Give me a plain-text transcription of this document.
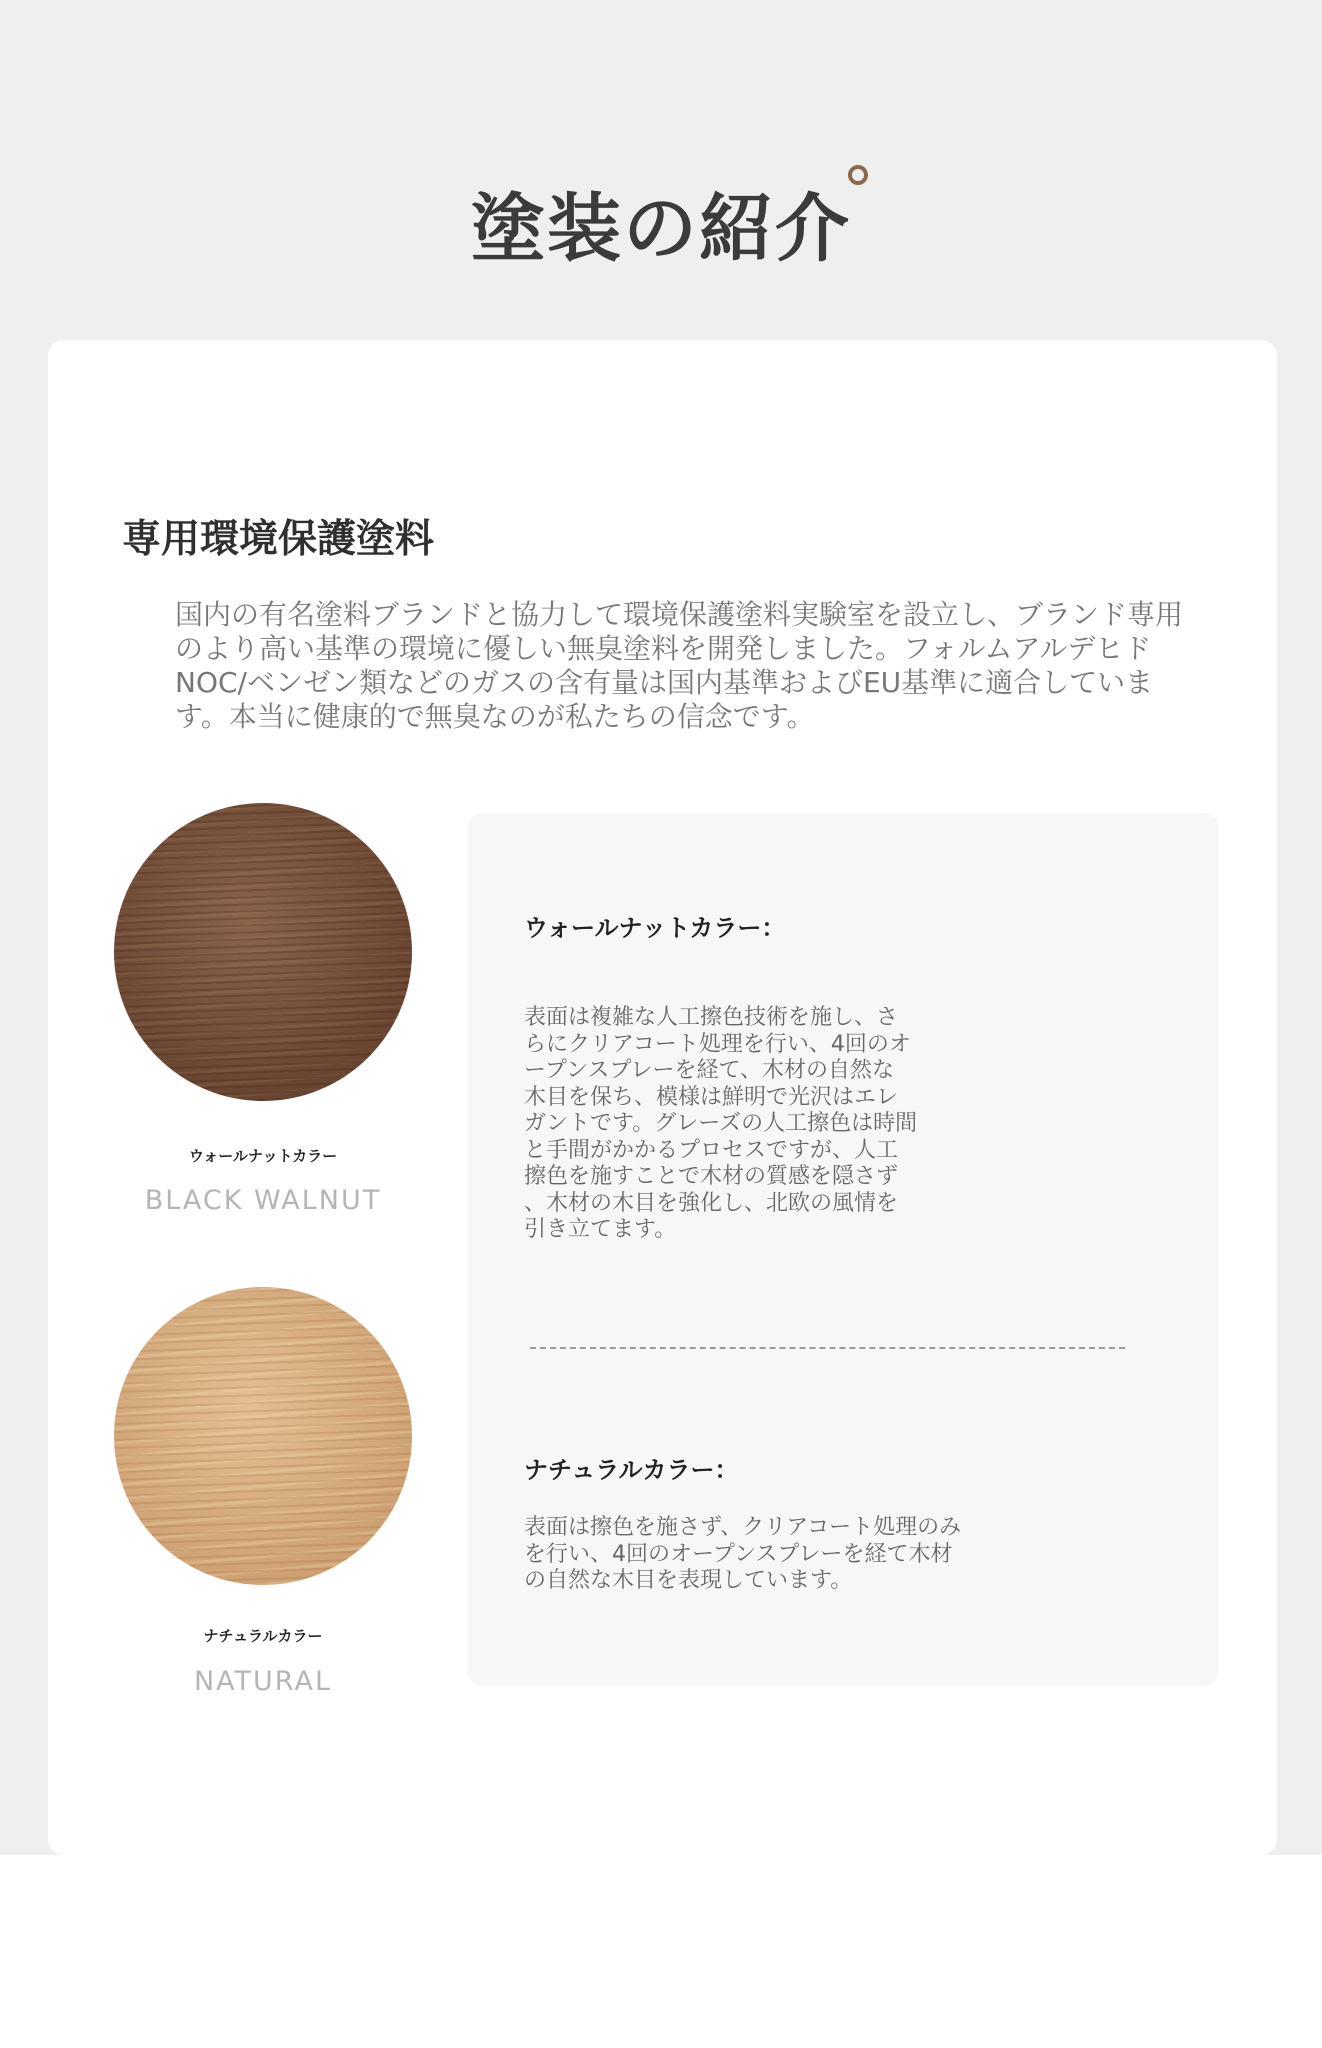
塗装の紹介
専用環境保護塗料

国内の有名塗料ブランドと協力して環境保護塗料実験室を設立し、ブランド専用のより高い基準の環境に優しい無臭塗料を開発しました。フォルムアルデヒドNOC/ベンゼン類などのガスの含有量は国内基準およびEU基準に適合しています。本当に健康的で無臭なのが私たちの信念です。

ウォールナットカラー
BLACK WALNUT
ナチュラルカラー
NATURAL
ウォールナットカラー：
表面は複雑な人工擦色技術を施し、さ
らにクリアコート処理を行い、4回のオ
ープンスプレーを経て、木材の自然な
木目を保ち、模様は鮮明で光沢はエレ
ガントです。グレーズの人工擦色は時間
と手間がかかるプロセスですが、人工
擦色を施すことで木材の質感を隠さず
、木材の木目を強化し、北欧の風情を
引き立てます。
ナチュラルカラー：
表面は擦色を施さず、クリアコート処理のみ
を行い、4回のオープンスプレーを経て木材
の自然な木目を表現しています。
